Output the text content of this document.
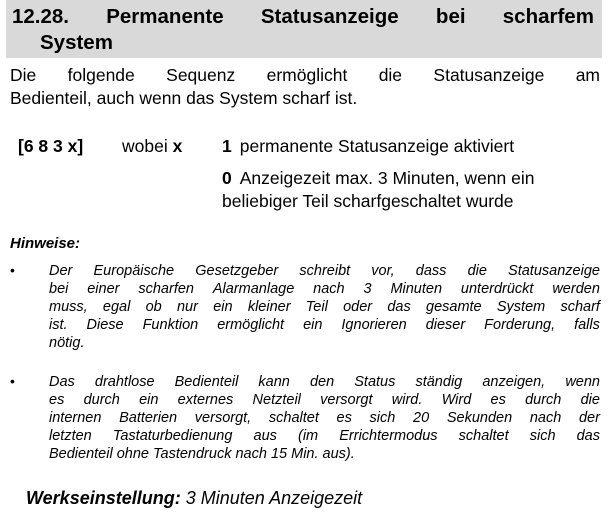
12.28. Permanente Statusanzeige bei scharfem
System
Die folgende Sequenz ermöglicht die Statusanzeige am
Bedienteil, auch wenn das System scharf ist.
[6 8 3 x] wobei x 1 permanente Statusanzeige aktiviert
0 Anzeigezeit max. 3 Minuten, wenn ein
beliebiger Teil scharfgeschaltet wurde
Hinweise:
• Der Europäische Gesetzgeber schreibt vor, dass die Statusanzeige
bei einer scharfen Alarmanlage nach 3 Minuten unterdrückt werden
muss, egal ob nur ein kleiner Teil oder das gesamte System scharf
ist. Diese Funktion ermöglicht ein Ignorieren dieser Forderung, falls
nötig.
• Das drahtlose Bedienteil kann den Status ständig anzeigen, wenn
es durch ein externes Netzteil versorgt wird. Wird es durch die
internen Batterien versorgt, schaltet es sich 20 Sekunden nach der
letzten Tastaturbedienung aus (im Errichtermodus schaltet sich das
Bedienteil ohne Tastendruck nach 15 Min. aus).
Werkseinstellung: 3 Minuten Anzeigezeit
